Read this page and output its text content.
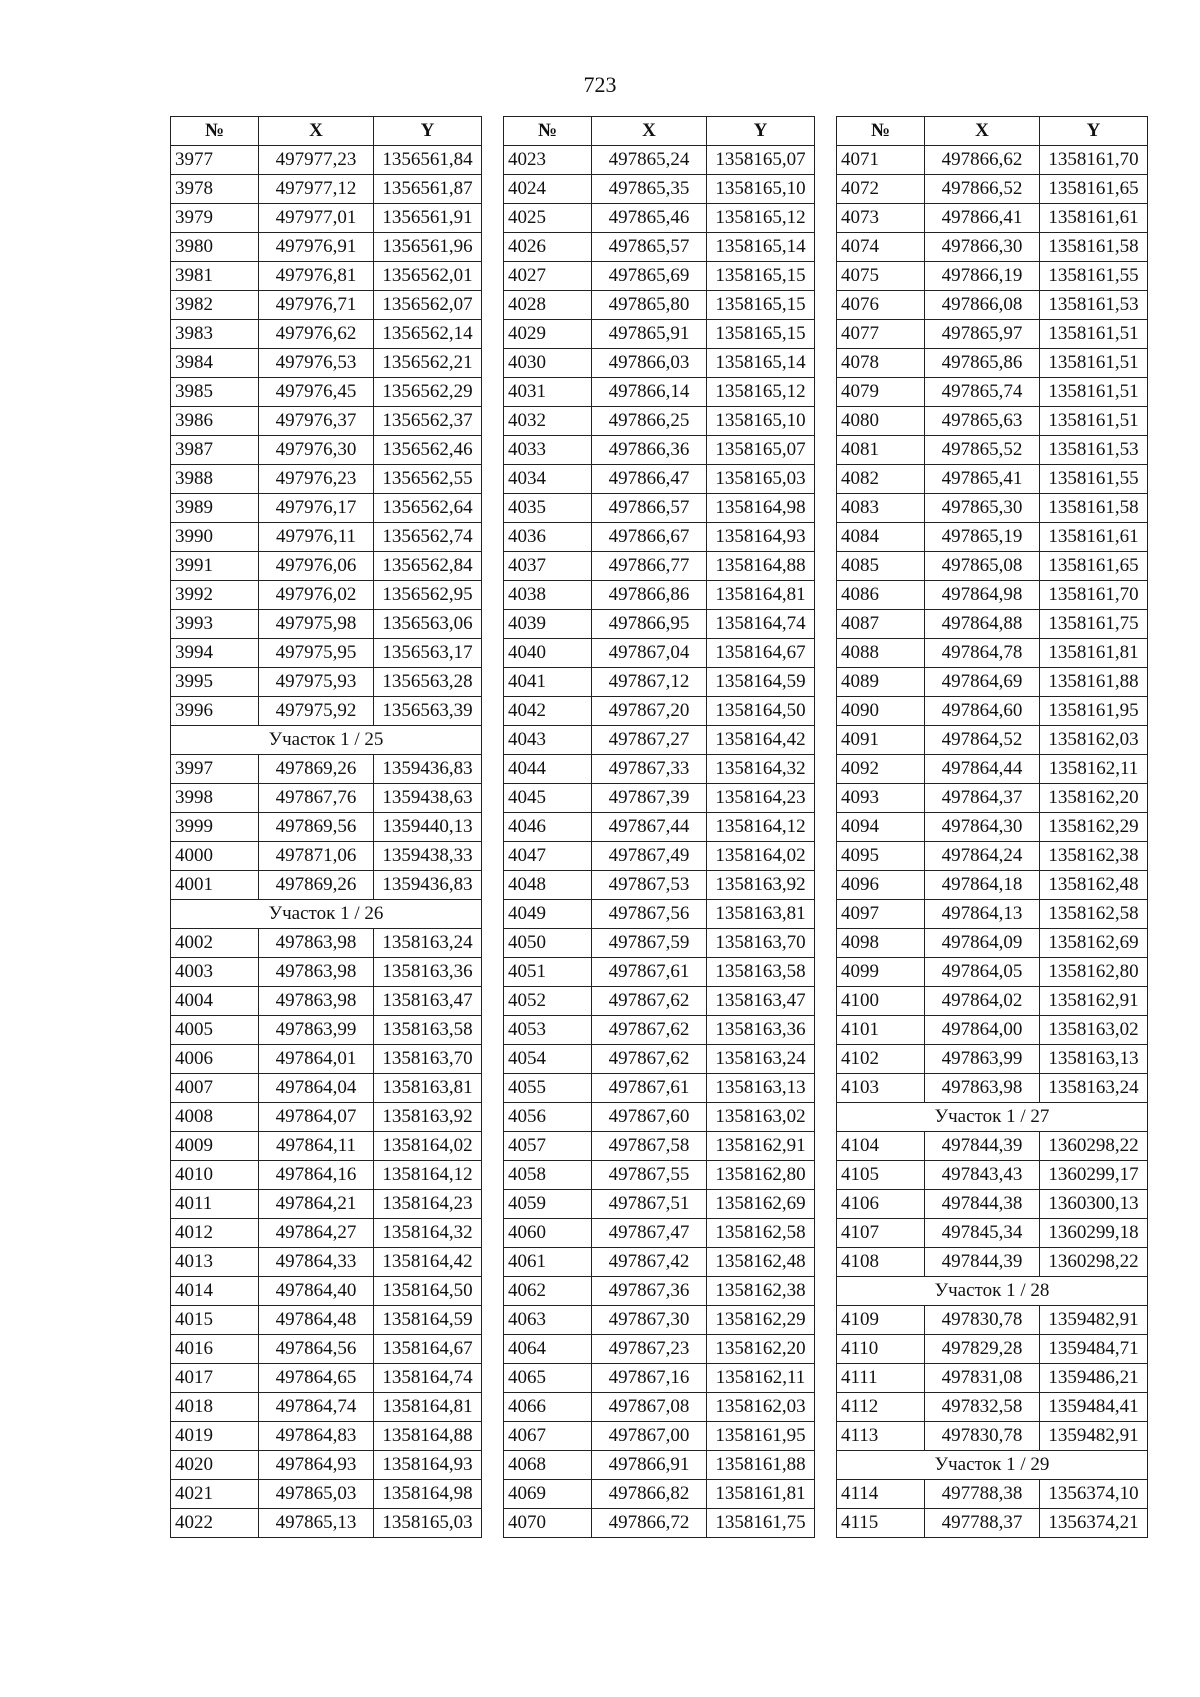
723
№	X	Y
3977	497977,23	1356561,84
3978	497977,12	1356561,87
3979	497977,01	1356561,91
3980	497976,91	1356561,96
3981	497976,81	1356562,01
3982	497976,71	1356562,07
3983	497976,62	1356562,14
3984	497976,53	1356562,21
3985	497976,45	1356562,29
3986	497976,37	1356562,37
3987	497976,30	1356562,46
3988	497976,23	1356562,55
3989	497976,17	1356562,64
3990	497976,11	1356562,74
3991	497976,06	1356562,84
3992	497976,02	1356562,95
3993	497975,98	1356563,06
3994	497975,95	1356563,17
3995	497975,93	1356563,28
3996	497975,92	1356563,39
Участок 1 / 25		
3997	497869,26	1359436,83
3998	497867,76	1359438,63
3999	497869,56	1359440,13
4000	497871,06	1359438,33
4001	497869,26	1359436,83
Участок 1 / 26		
4002	497863,98	1358163,24
4003	497863,98	1358163,36
4004	497863,98	1358163,47
4005	497863,99	1358163,58
4006	497864,01	1358163,70
4007	497864,04	1358163,81
4008	497864,07	1358163,92
4009	497864,11	1358164,02
4010	497864,16	1358164,12
4011	497864,21	1358164,23
4012	497864,27	1358164,32
4013	497864,33	1358164,42
4014	497864,40	1358164,50
4015	497864,48	1358164,59
4016	497864,56	1358164,67
4017	497864,65	1358164,74
4018	497864,74	1358164,81
4019	497864,83	1358164,88
4020	497864,93	1358164,93
4021	497865,03	1358164,98
4022	497865,13	1358165,03
№	X	Y
4023	497865,24	1358165,07
4024	497865,35	1358165,10
4025	497865,46	1358165,12
4026	497865,57	1358165,14
4027	497865,69	1358165,15
4028	497865,80	1358165,15
4029	497865,91	1358165,15
4030	497866,03	1358165,14
4031	497866,14	1358165,12
4032	497866,25	1358165,10
4033	497866,36	1358165,07
4034	497866,47	1358165,03
4035	497866,57	1358164,98
4036	497866,67	1358164,93
4037	497866,77	1358164,88
4038	497866,86	1358164,81
4039	497866,95	1358164,74
4040	497867,04	1358164,67
4041	497867,12	1358164,59
4042	497867,20	1358164,50
4043	497867,27	1358164,42
4044	497867,33	1358164,32
4045	497867,39	1358164,23
4046	497867,44	1358164,12
4047	497867,49	1358164,02
4048	497867,53	1358163,92
4049	497867,56	1358163,81
4050	497867,59	1358163,70
4051	497867,61	1358163,58
4052	497867,62	1358163,47
4053	497867,62	1358163,36
4054	497867,62	1358163,24
4055	497867,61	1358163,13
4056	497867,60	1358163,02
4057	497867,58	1358162,91
4058	497867,55	1358162,80
4059	497867,51	1358162,69
4060	497867,47	1358162,58
4061	497867,42	1358162,48
4062	497867,36	1358162,38
4063	497867,30	1358162,29
4064	497867,23	1358162,20
4065	497867,16	1358162,11
4066	497867,08	1358162,03
4067	497867,00	1358161,95
4068	497866,91	1358161,88
4069	497866,82	1358161,81
4070	497866,72	1358161,75
№	X	Y
4071	497866,62	1358161,70
4072	497866,52	1358161,65
4073	497866,41	1358161,61
4074	497866,30	1358161,58
4075	497866,19	1358161,55
4076	497866,08	1358161,53
4077	497865,97	1358161,51
4078	497865,86	1358161,51
4079	497865,74	1358161,51
4080	497865,63	1358161,51
4081	497865,52	1358161,53
4082	497865,41	1358161,55
4083	497865,30	1358161,58
4084	497865,19	1358161,61
4085	497865,08	1358161,65
4086	497864,98	1358161,70
4087	497864,88	1358161,75
4088	497864,78	1358161,81
4089	497864,69	1358161,88
4090	497864,60	1358161,95
4091	497864,52	1358162,03
4092	497864,44	1358162,11
4093	497864,37	1358162,20
4094	497864,30	1358162,29
4095	497864,24	1358162,38
4096	497864,18	1358162,48
4097	497864,13	1358162,58
4098	497864,09	1358162,69
4099	497864,05	1358162,80
4100	497864,02	1358162,91
4101	497864,00	1358163,02
4102	497863,99	1358163,13
4103	497863,98	1358163,24
Участок 1 / 27		
4104	497844,39	1360298,22
4105	497843,43	1360299,17
4106	497844,38	1360300,13
4107	497845,34	1360299,18
4108	497844,39	1360298,22
Участок 1 / 28		
4109	497830,78	1359482,91
4110	497829,28	1359484,71
4111	497831,08	1359486,21
4112	497832,58	1359484,41
4113	497830,78	1359482,91
Участок 1 / 29		
4114	497788,38	1356374,10
4115	497788,37	1356374,21
